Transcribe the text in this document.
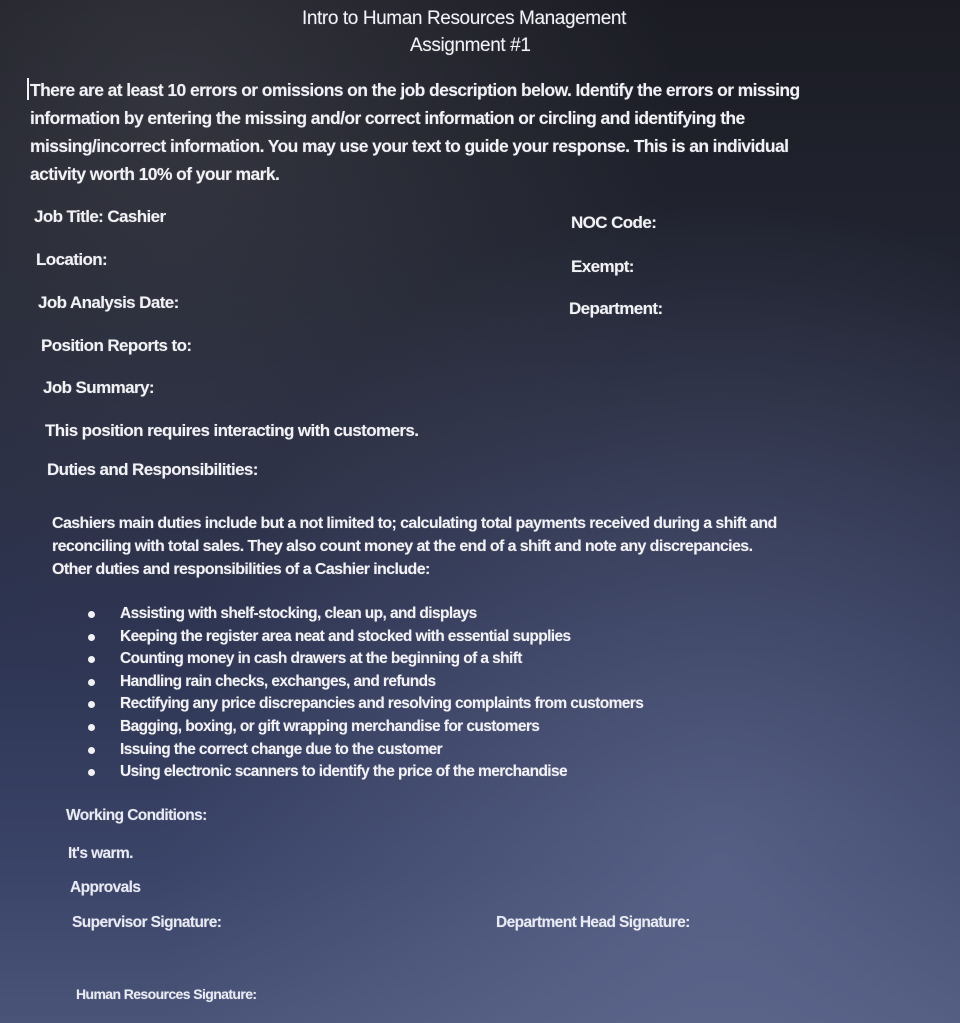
Intro to Human Resources Management
Assignment #1
There are at least 10 errors or omissions on the job description below. Identify the errors or missing
information by entering the missing and/or correct information or circling and identifying the
missing/incorrect information. You may use your text to guide your response. This is an individual
activity worth 10% of your mark.
Job Title: Cashier	NOC Code:
Location:	Exempt:
Job Analysis Date:	Department:
Position Reports to:
Job Summary:
This position requires interacting with customers.
Duties and Responsibilities:
Cashiers main duties include but a not limited to; calculating total payments received during a shift and
reconciling with total sales. They also count money at the end of a shift and note any discrepancies.
Other duties and responsibilities of a Cashier include:
Assisting with shelf-stocking, clean up, and displays
Keeping the register area neat and stocked with essential supplies
Counting money in cash drawers at the beginning of a shift
Handling rain checks, exchanges, and refunds
Rectifying any price discrepancies and resolving complaints from customers
Bagging, boxing, or gift wrapping merchandise for customers
Issuing the correct change due to the customer
Using electronic scanners to identify the price of the merchandise
Working Conditions:
It's warm.
Approvals
Supervisor Signature:	Department Head Signature:
Human Resources Signature:
